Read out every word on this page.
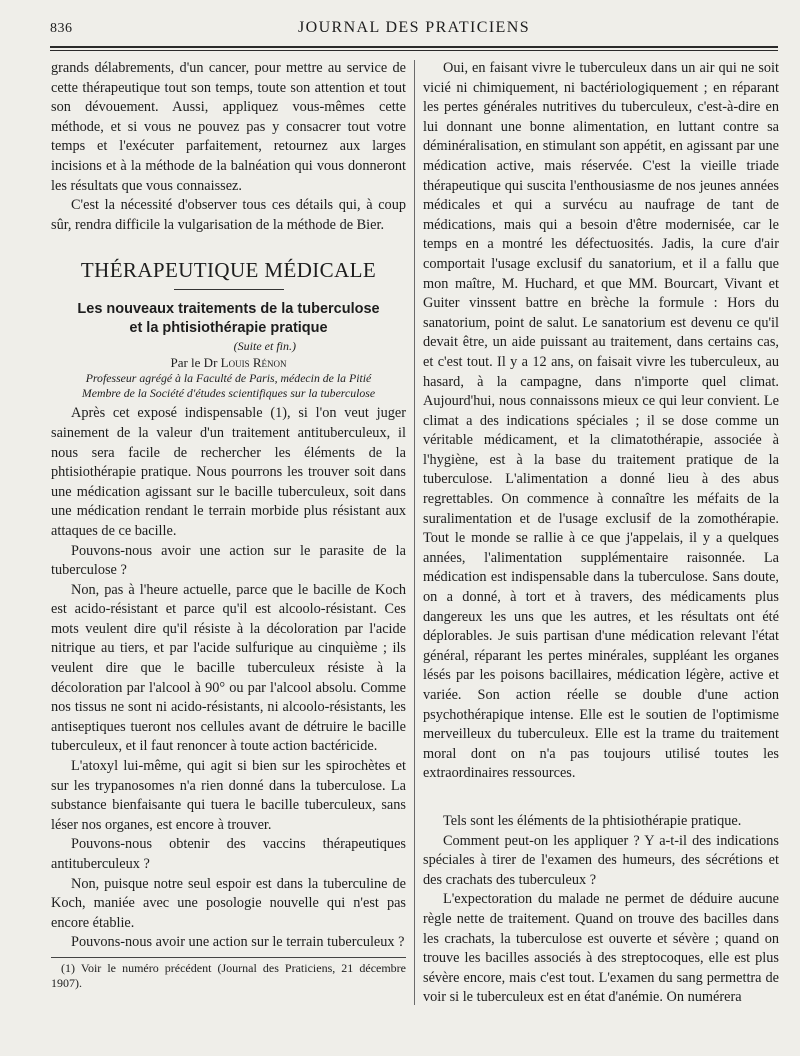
836	JOURNAL DES PRATICIENS

grands délabrements, d'un cancer, pour mettre au service de cette thérapeutique tout son temps, toute son attention et tout son dévouement. Aussi, appliquez vous-mêmes cette méthode, et si vous ne pouvez pas y consacrer tout votre temps et l'exécuter parfaitement, retournez aux larges incisions et à la méthode de la balnéation qui vous donneront les résultats que vous connaissez.

C'est la nécessité d'observer tous ces détails qui, à coup sûr, rendra difficile la vulgarisation de la méthode de Bier.

THÉRAPEUTIQUE MÉDICALE

Les nouveaux traitements de la tuberculose

et la phtisiothérapie pratique

(Suite et fin.)
Par le Dr Louis Rénon
Professeur agrégé à la Faculté de Paris, médecin de la Pitié
Membre de la Société d'études scientifiques sur la tuberculose

Après cet exposé indispensable (1), si l'on veut juger sainement de la valeur d'un traitement antituberculeux, il nous sera facile de rechercher les éléments de la phtisiothérapie pratique. Nous pourrons les trouver soit dans une médication agissant sur le bacille tuberculeux, soit dans une médication rendant le terrain morbide plus résistant aux attaques de ce bacille.

Pouvons-nous avoir une action sur le parasite de la tuberculose ?

Non, pas à l'heure actuelle, parce que le bacille de Koch est acido-résistant et parce qu'il est alcoolo-résistant. Ces mots veulent dire qu'il résiste à la décoloration par l'acide nitrique au tiers, et par l'acide sulfurique au cinquième ; ils veulent dire que le bacille tuberculeux résiste à la décoloration par l'alcool à 90° ou par l'alcool absolu. Comme nos tissus ne sont ni acido-résistants, ni alcoolo-résistants, les antiseptiques tueront nos cellules avant de détruire le bacille tuberculeux, et il faut renoncer à toute action bactéricide.

L'atoxyl lui-même, qui agit si bien sur les spirochètes et sur les trypanosomes n'a rien donné dans la tuberculose. La substance bienfaisante qui tuera le bacille tuberculeux, sans léser nos organes, est encore à trouver.

Pouvons-nous obtenir des vaccins thérapeutiques antituberculeux ?

Non, puisque notre seul espoir est dans la tuberculine de Koch, maniée avec une posologie nouvelle qui n'est pas encore établie.

Pouvons-nous avoir une action sur le terrain tuberculeux ?

(1) Voir le numéro précédent (Journal des Praticiens, 21 décembre 1907).

Oui, en faisant vivre le tuberculeux dans un air qui ne soit vicié ni chimiquement, ni bactériologiquement ; en réparant les pertes générales nutritives du tuberculeux, c'est-à-dire en lui donnant une bonne alimentation, en luttant contre sa déminéralisation, en stimulant son appétit, en agissant par une médication active, mais réservée. C'est la vieille triade thérapeutique qui suscita l'enthousiasme de nos jeunes années médicales et qui a survécu au naufrage de tant de médications, mais qui a besoin d'être modernisée, car le temps en a montré les défectuosités. Jadis, la cure d'air comportait l'usage exclusif du sanatorium, et il a fallu que mon maître, M. Huchard, et que MM. Bourcart, Vivant et Guiter vinssent battre en brèche la formule : Hors du sanatorium, point de salut. Le sanatorium est devenu ce qu'il devait être, un aide puissant au traitement, dans certains cas, et c'est tout. Il y a 12 ans, on faisait vivre les tuberculeux, au hasard, à la campagne, dans n'importe quel climat. Aujourd'hui, nous connaissons mieux ce qui leur convient. Le climat a des indications spéciales ; il se dose comme un véritable médicament, et la climatothérapie, associée à l'hygiène, est à la base du traitement pratique de la tuberculose. L'alimentation a donné lieu à des abus regrettables. On commence à connaître les méfaits de la suralimentation et de l'usage exclusif de la zomothérapie. Tout le monde se rallie à ce que j'appelais, il y a quelques années, l'alimentation supplémentaire raisonnée. La médication est indispensable dans la tuberculose. Sans doute, on a donné, à tort et à travers, des médicaments plus dangereux les uns que les autres, et les résultats ont été déplorables. Je suis partisan d'une médication relevant l'état général, réparant les pertes minérales, suppléant les organes lésés par les poisons bacillaires, médication légère, active et variée. Son action réelle se double d'une action psychothérapique intense. Elle est le soutien de l'optimisme merveilleux du tuberculeux. Elle est la trame du traitement moral dont on n'a pas toujours utilisé toutes les extraordinaires ressources.

Tels sont les éléments de la phtisiothérapie pratique.

Comment peut-on les appliquer ? Y a-t-il des indications spéciales à tirer de l'examen des humeurs, des sécrétions et des crachats des tuberculeux ?

L'expectoration du malade ne permet de déduire aucune règle nette de traitement. Quand on trouve des bacilles dans les crachats, la tuberculose est ouverte et sévère ; quand on trouve les bacilles associés à des streptocoques, elle est plus sévère encore, mais c'est tout. L'examen du sang permettra de voir si le tuberculeux est en état d'anémie. On numérera
